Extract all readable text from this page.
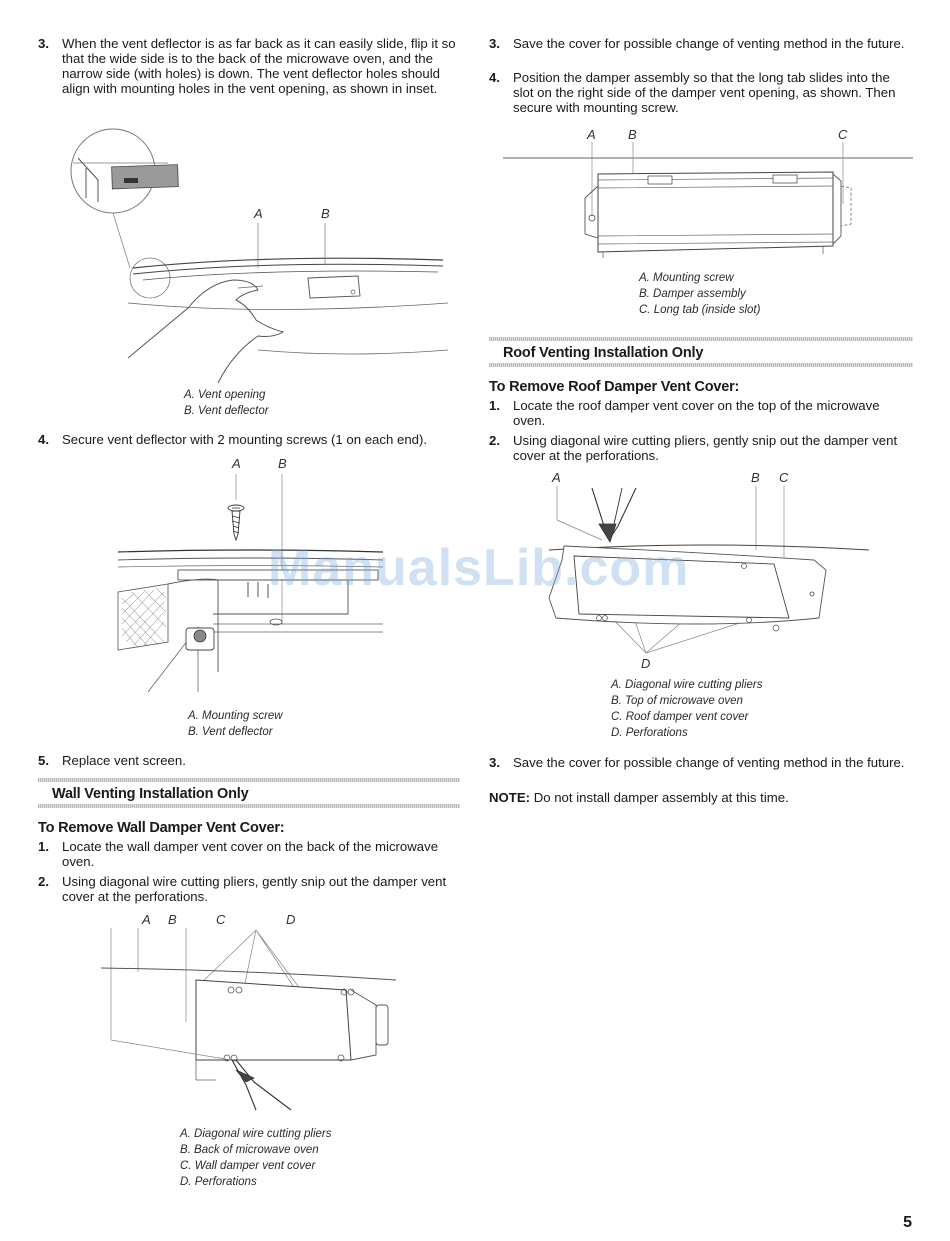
3. When the vent deflector is as far back as it can easily slide, flip it so that the wide side is to the back of the microwave oven, and the narrow side (with holes) is down. The vent deflector holes should align with mounting holes in the vent opening, as shown in inset.
A	B
A. Vent opening
B. Vent deflector
4. Secure vent deflector with 2 mounting screws (1 on each end).
A	B
A. Mounting screw
B. Vent deflector
5. Replace vent screen.
Wall Venting Installation Only
To Remove Wall Damper Vent Cover:
1. Locate the wall damper vent cover on the back of the microwave oven.
2. Using diagonal wire cutting pliers, gently snip out the damper vent cover at the perforations.
A B	C	D
A. Diagonal wire cutting pliers
B. Back of microwave oven
C. Wall damper vent cover
D. Perforations
3. Save the cover for possible change of venting method in the future.
4. Position the damper assembly so that the long tab slides into the slot on the right side of the damper vent opening, as shown. Then secure with mounting screw.
A B	C
A. Mounting screw
B. Damper assembly
C. Long tab (inside slot)
Roof Venting Installation Only
To Remove Roof Damper Vent Cover:
1. Locate the roof damper vent cover on the top of the microwave oven.
2. Using diagonal wire cutting pliers, gently snip out the damper vent cover at the perforations.
A	B C
D
A. Diagonal wire cutting pliers
B. Top of microwave oven
C. Roof damper vent cover
D. Perforations
3. Save the cover for possible change of venting method in the future.
NOTE: Do not install damper assembly at this time.
ManualsLib.com
5
